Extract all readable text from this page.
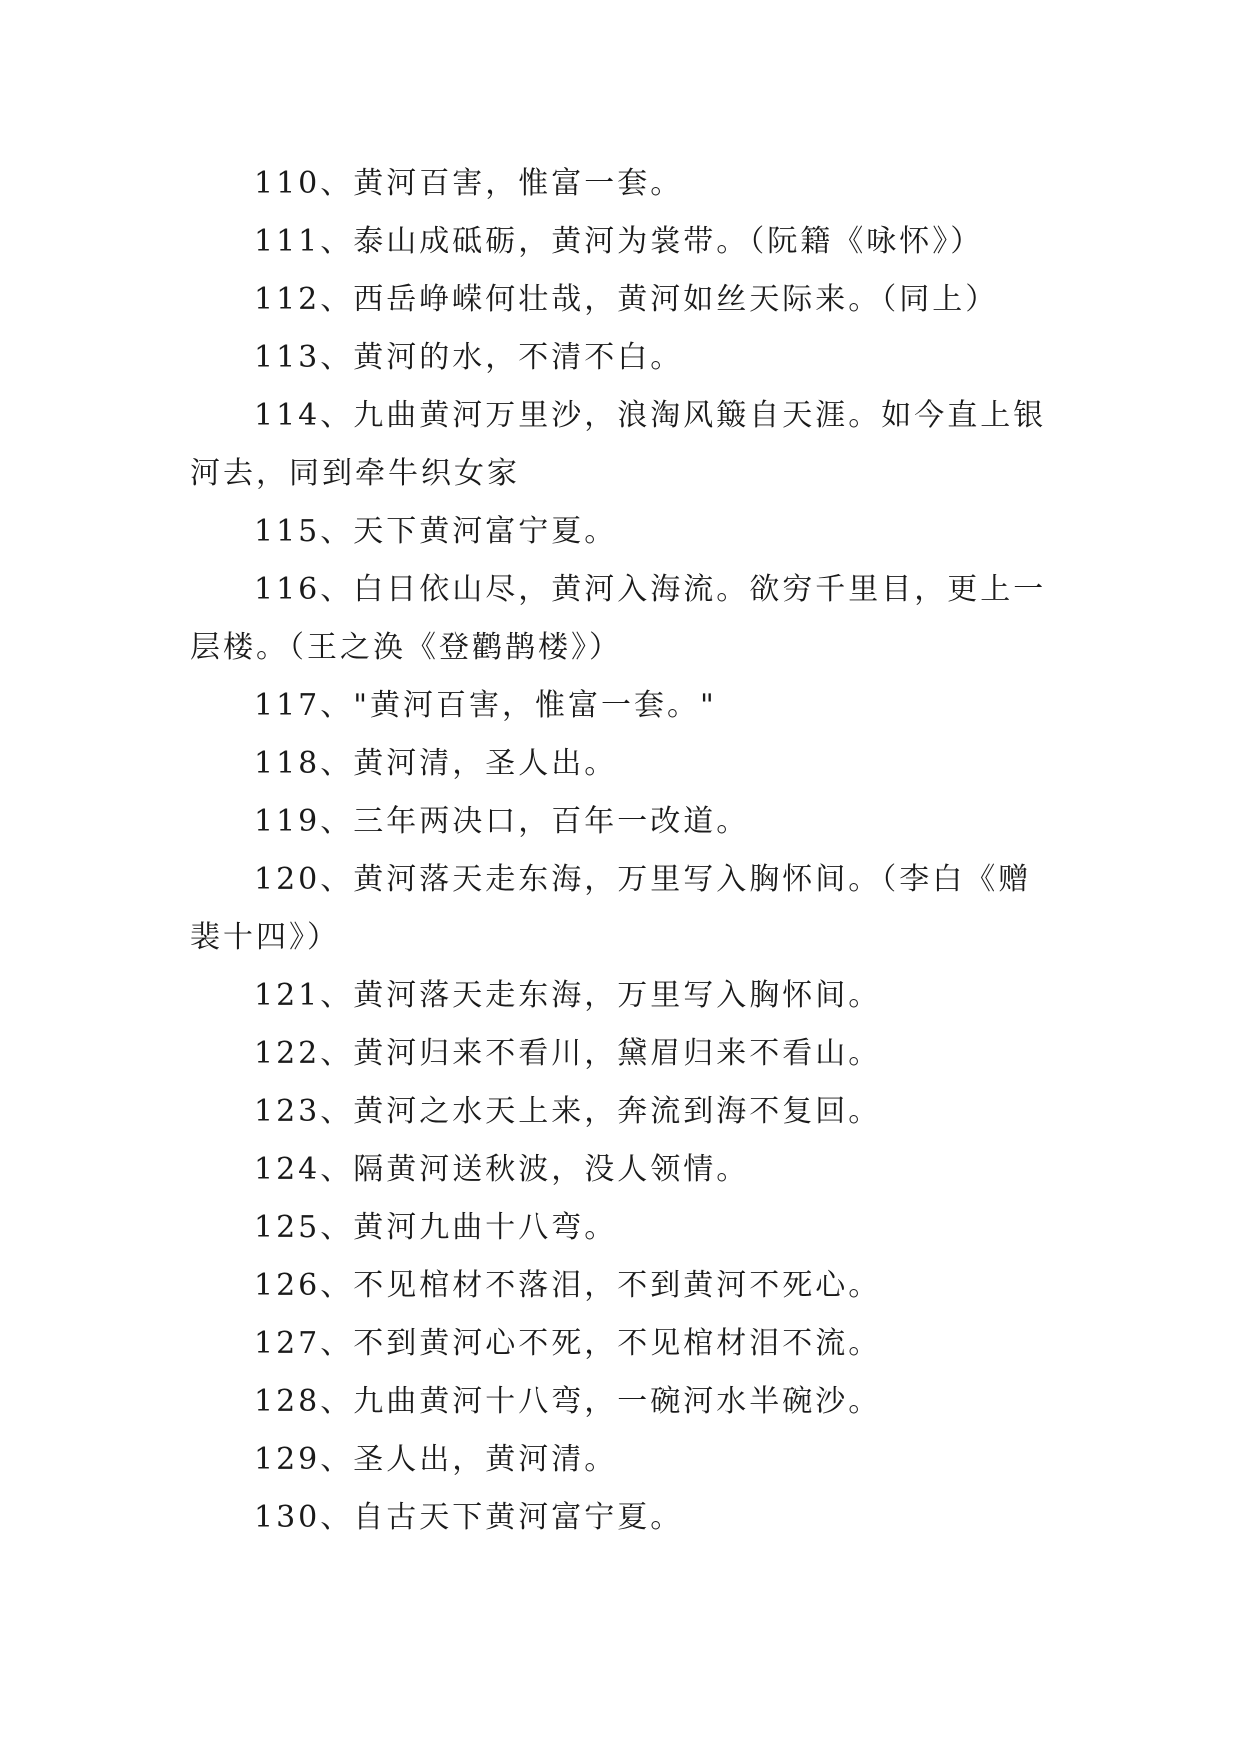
110、黄河百害，惟富一套。

111、泰山成砥砺，黄河为裳带。（阮籍《咏怀》）

112、西岳峥嵘何壮哉，黄河如丝天际来。（同上）

113、黄河的水，不清不白。

114、九曲黄河万里沙，浪淘风簸自天涯。如今直上银河去，同到牵牛织女家

115、天下黄河富宁夏。

116、白日依山尽，黄河入海流。欲穷千里目，更上一层楼。（王之涣《登鹳鹊楼》）

117、"黄河百害，惟富一套。"

118、黄河清，圣人出。

119、三年两决口，百年一改道。

120、黄河落天走东海，万里写入胸怀间。（李白《赠裴十四》）

121、黄河落天走东海，万里写入胸怀间。

122、黄河归来不看川，黛眉归来不看山。

123、黄河之水天上来，奔流到海不复回。

124、隔黄河送秋波，没人领情。

125、黄河九曲十八弯。

126、不见棺材不落泪，不到黄河不死心。

127、不到黄河心不死，不见棺材泪不流。

128、九曲黄河十八弯，一碗河水半碗沙。

129、圣人出，黄河清。

130、自古天下黄河富宁夏。
